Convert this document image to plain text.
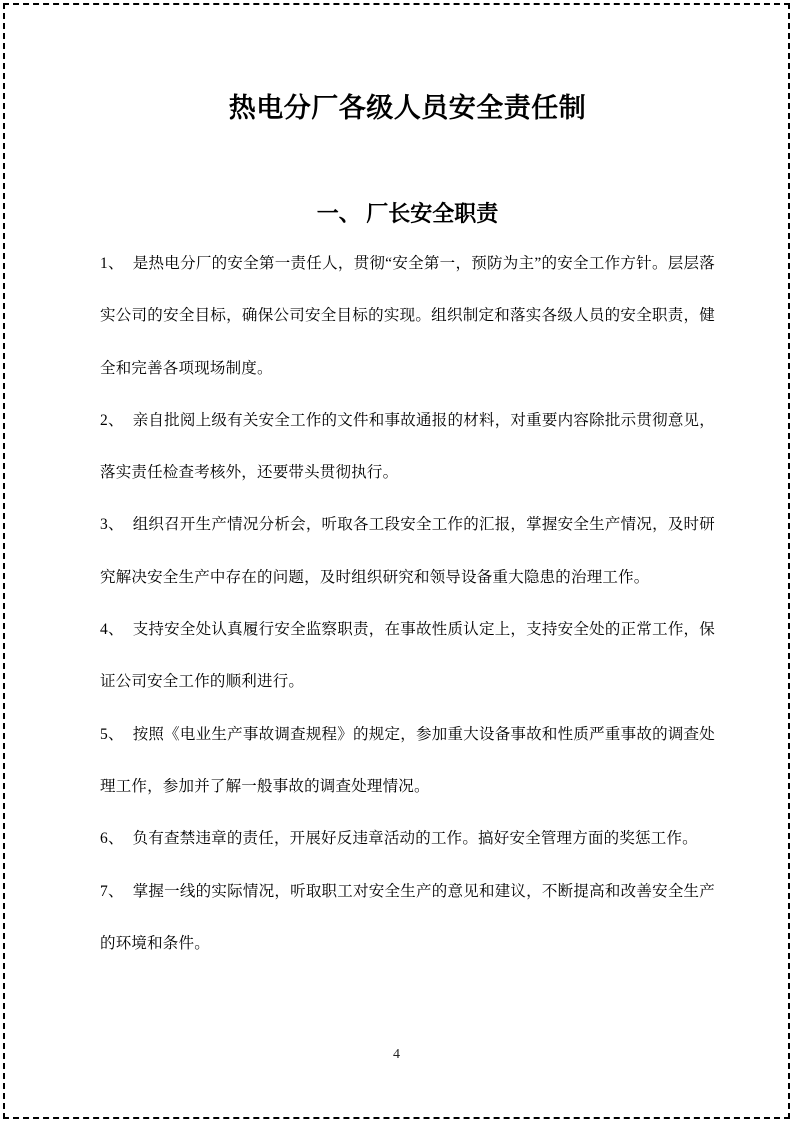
热电分厂各级人员安全责任制
一、 厂长安全职责

1、 是热电分厂的安全第一责任人，贯彻“安全第一，预防为主”的安全工作方针。层层落实公司的安全目标，确保公司安全目标的实现。组织制定和落实各级人员的安全职责，健全和完善各项现场制度。

2、 亲自批阅上级有关安全工作的文件和事故通报的材料，对重要内容除批示贯彻意见，落实责任检查考核外，还要带头贯彻执行。

3、 组织召开生产情况分析会，听取各工段安全工作的汇报，掌握安全生产情况，及时研究解决安全生产中存在的问题，及时组织研究和领导设备重大隐患的治理工作。

4、 支持安全处认真履行安全监察职责，在事故性质认定上，支持安全处的正常工作，保证公司安全工作的顺利进行。

5、 按照《电业生产事故调查规程》的规定，参加重大设备事故和性质严重事故的调查处理工作，参加并了解一般事故的调查处理情况。

6、 负有查禁违章的责任，开展好反违章活动的工作。搞好安全管理方面的奖惩工作。

7、 掌握一线的实际情况，听取职工对安全生产的意见和建议，不断提高和改善安全生产的环境和条件。

4
